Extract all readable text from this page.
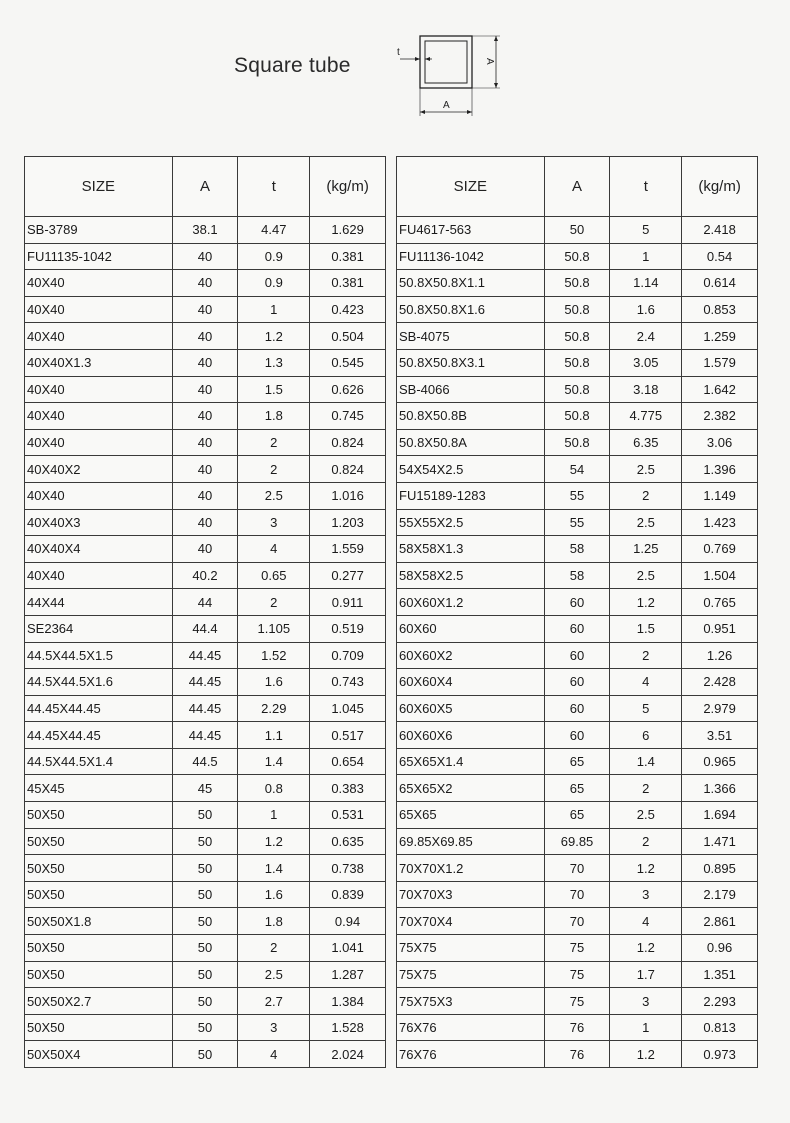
Square tube
t
A
A
SIZE	A	t	(kg/m)
SB-3789	38.1	4.47	1.629
FU11135-1042	40	0.9	0.381
40X40	40	0.9	0.381
40X40	40	1	0.423
40X40	40	1.2	0.504
40X40X1.3	40	1.3	0.545
40X40	40	1.5	0.626
40X40	40	1.8	0.745
40X40	40	2	0.824
40X40X2	40	2	0.824
40X40	40	2.5	1.016
40X40X3	40	3	1.203
40X40X4	40	4	1.559
40X40	40.2	0.65	0.277
44X44	44	2	0.911
SE2364	44.4	1.105	0.519
44.5X44.5X1.5	44.45	1.52	0.709
44.5X44.5X1.6	44.45	1.6	0.743
44.45X44.45	44.45	2.29	1.045
44.45X44.45	44.45	1.1	0.517
44.5X44.5X1.4	44.5	1.4	0.654
45X45	45	0.8	0.383
50X50	50	1	0.531
50X50	50	1.2	0.635
50X50	50	1.4	0.738
50X50	50	1.6	0.839
50X50X1.8	50	1.8	0.94
50X50	50	2	1.041
50X50	50	2.5	1.287
50X50X2.7	50	2.7	1.384
50X50	50	3	1.528
50X50X4	50	4	2.024
SIZE	A	t	(kg/m)
FU4617-563	50	5	2.418
FU11136-1042	50.8	1	0.54
50.8X50.8X1.1	50.8	1.14	0.614
50.8X50.8X1.6	50.8	1.6	0.853
SB-4075	50.8	2.4	1.259
50.8X50.8X3.1	50.8	3.05	1.579
SB-4066	50.8	3.18	1.642
50.8X50.8B	50.8	4.775	2.382
50.8X50.8A	50.8	6.35	3.06
54X54X2.5	54	2.5	1.396
FU15189-1283	55	2	1.149
55X55X2.5	55	2.5	1.423
58X58X1.3	58	1.25	0.769
58X58X2.5	58	2.5	1.504
60X60X1.2	60	1.2	0.765
60X60	60	1.5	0.951
60X60X2	60	2	1.26
60X60X4	60	4	2.428
60X60X5	60	5	2.979
60X60X6	60	6	3.51
65X65X1.4	65	1.4	0.965
65X65X2	65	2	1.366
65X65	65	2.5	1.694
69.85X69.85	69.85	2	1.471
70X70X1.2	70	1.2	0.895
70X70X3	70	3	2.179
70X70X4	70	4	2.861
75X75	75	1.2	0.96
75X75	75	1.7	1.351
75X75X3	75	3	2.293
76X76	76	1	0.813
76X76	76	1.2	0.973
